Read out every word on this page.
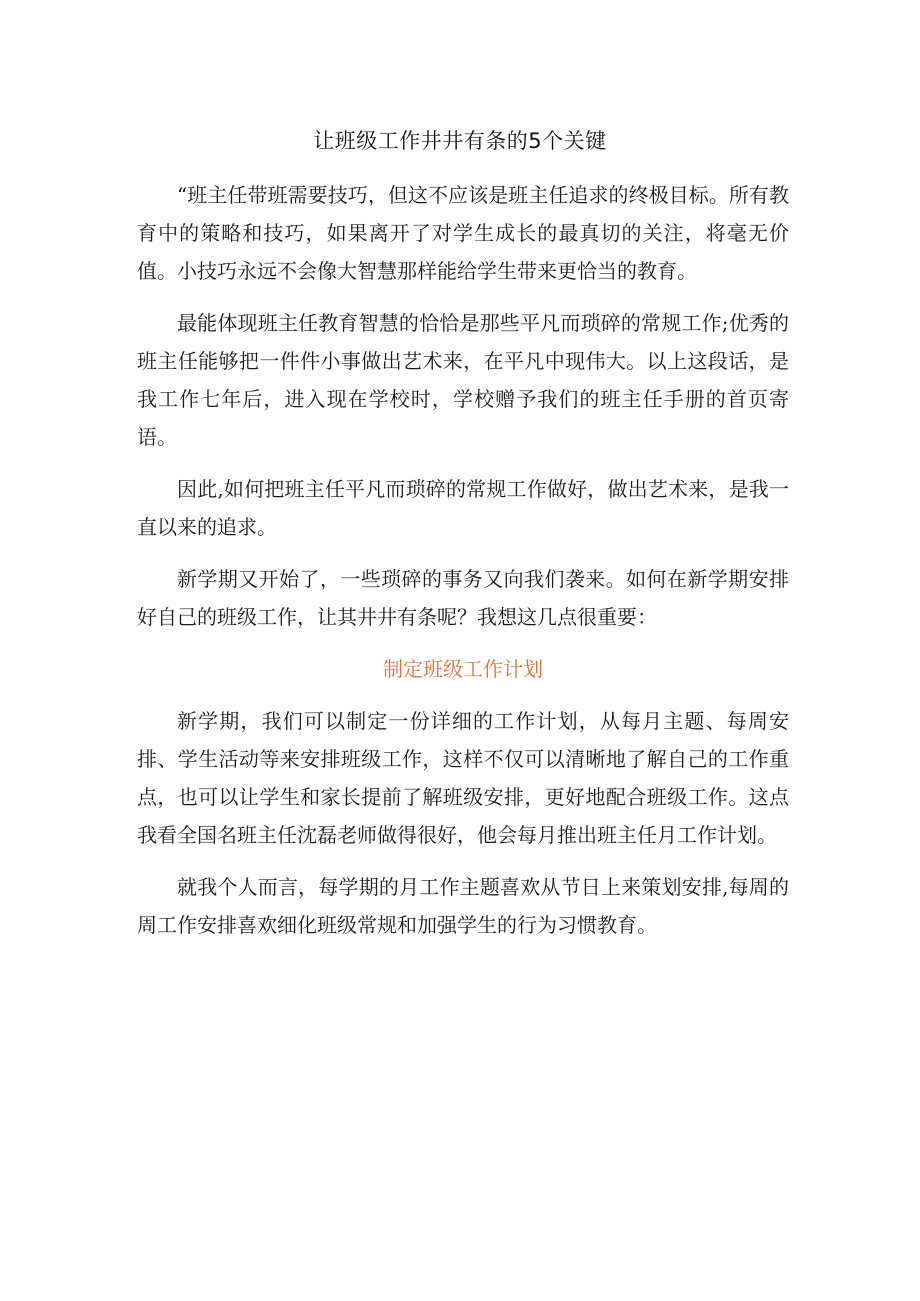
让班级工作井井有条的5个关键

“班主任带班需要技巧，但这不应该是班主任追求的终极目标。所有教育中的策略和技巧，如果离开了对学生成长的最真切的关注，将毫无价值。小技巧永远不会像大智慧那样能给学生带来更恰当的教育。

最能体现班主任教育智慧的恰恰是那些平凡而琐碎的常规工作;优秀的班主任能够把一件件小事做出艺术来，在平凡中现伟大。以上这段话，是我工作七年后，进入现在学校时，学校赠予我们的班主任手册的首页寄语。

因此,如何把班主任平凡而琐碎的常规工作做好，做出艺术来，是我一直以来的追求。

新学期又开始了，一些琐碎的事务又向我们袭来。如何在新学期安排好自己的班级工作，让其井井有条呢？我想这几点很重要：

制定班级工作计划

新学期，我们可以制定一份详细的工作计划，从每月主题、每周安排、学生活动等来安排班级工作，这样不仅可以清晰地了解自己的工作重点，也可以让学生和家长提前了解班级安排，更好地配合班级工作。这点我看全国名班主任沈磊老师做得很好，他会每月推出班主任月工作计划。

就我个人而言，每学期的月工作主题喜欢从节日上来策划安排,每周的周工作安排喜欢细化班级常规和加强学生的行为习惯教育。
